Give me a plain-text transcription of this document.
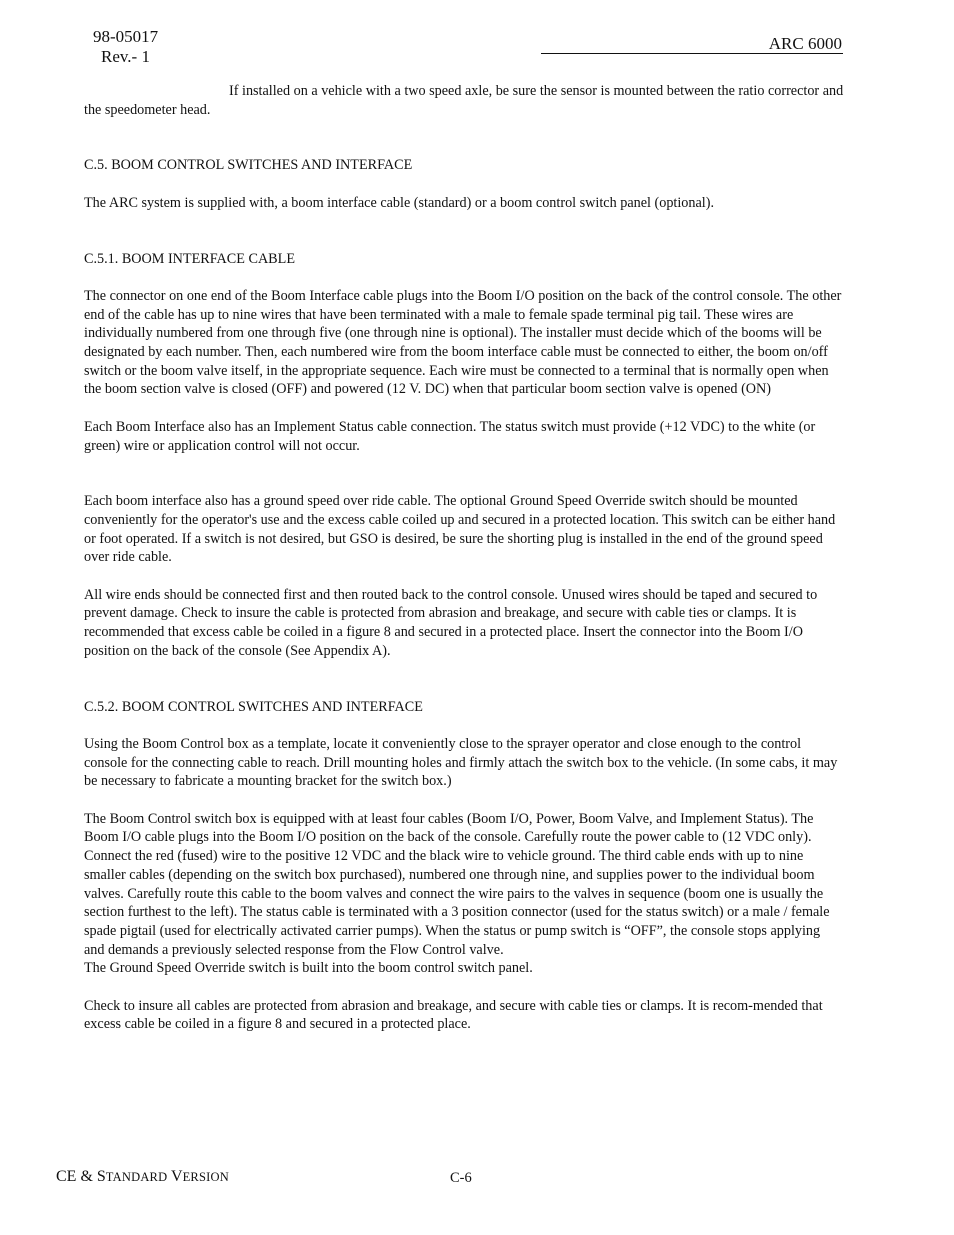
98-05017
Rev.- 1
ARC 6000

If installed on a vehicle with a two speed axle, be sure the sensor is mounted between the ratio corrector and the speedometer head.

C.5. BOOM CONTROL SWITCHES AND INTERFACE

The ARC system is supplied with, a boom interface cable (standard) or a boom control switch panel (optional).

C.5.1. BOOM INTERFACE CABLE

The connector on one end of the Boom Interface cable plugs into the Boom I/O position on the back of the control console. The other end of the cable has up to nine wires that have been terminated with a male to female spade terminal pig tail. These wires are individually numbered from one through five (one through nine is optional). The installer must decide which of the booms will be designated by each number. Then, each numbered wire from the boom interface cable must be connected to either, the boom on/off switch or the boom valve itself, in the appropriate sequence. Each wire must be connected to a terminal that is normally open when the boom section valve is closed (OFF) and powered (12 V. DC) when that particular boom section valve is opened (ON)

Each Boom Interface also has an Implement Status cable connection. The status switch must provide (+12 VDC) to the white (or green) wire or application control will not occur.

Each boom interface also has a ground speed over ride cable. The optional Ground Speed Override switch should be mounted conveniently for the operator's use and the excess cable coiled up and secured in a protected location. This switch can be either hand or foot operated. If a switch is not desired, but GSO is desired, be sure the shorting plug is installed in the end of the ground speed over ride cable.

All wire ends should be connected first and then routed back to the control console. Unused wires should be taped and secured to prevent damage. Check to insure the cable is protected from abrasion and breakage, and secure with cable ties or clamps. It is recommended that excess cable be coiled in a figure 8 and secured in a protected place. Insert the connector into the Boom I/O position on the back of the console (See Appendix A).

C.5.2. BOOM CONTROL SWITCHES AND INTERFACE

Using the Boom Control box as a template, locate it conveniently close to the sprayer operator and close enough to the control console for the connecting cable to reach. Drill mounting holes and firmly attach the switch box to the vehicle. (In some cabs, it may be necessary to fabricate a mounting bracket for the switch box.)

The Boom Control switch box is equipped with at least four cables (Boom I/O, Power, Boom Valve, and Implement Status). The Boom I/O cable plugs into the Boom I/O position on the back of the console. Carefully route the power cable to (12 VDC only). Connect the red (fused) wire to the positive 12 VDC and the black wire to vehicle ground. The third cable ends with up to nine smaller cables (depending on the switch box purchased), numbered one through nine, and supplies power to the individual boom valves. Carefully route this cable to the boom valves and connect the wire pairs to the valves in sequence (boom one is usually the section furthest to the left). The status cable is terminated with a 3 position connector (used for the status switch) or a male / female spade pigtail (used for electrically activated carrier pumps). When the status or pump switch is “OFF”, the console stops applying and demands a previously selected response from the Flow Control valve.

The Ground Speed Override switch is built into the boom control switch panel.

Check to insure all cables are protected from abrasion and breakage, and secure with cable ties or clamps. It is recom-mended that excess cable be coiled in a figure 8 and secured in a protected place.

CE & STANDARD VERSION	C-6
